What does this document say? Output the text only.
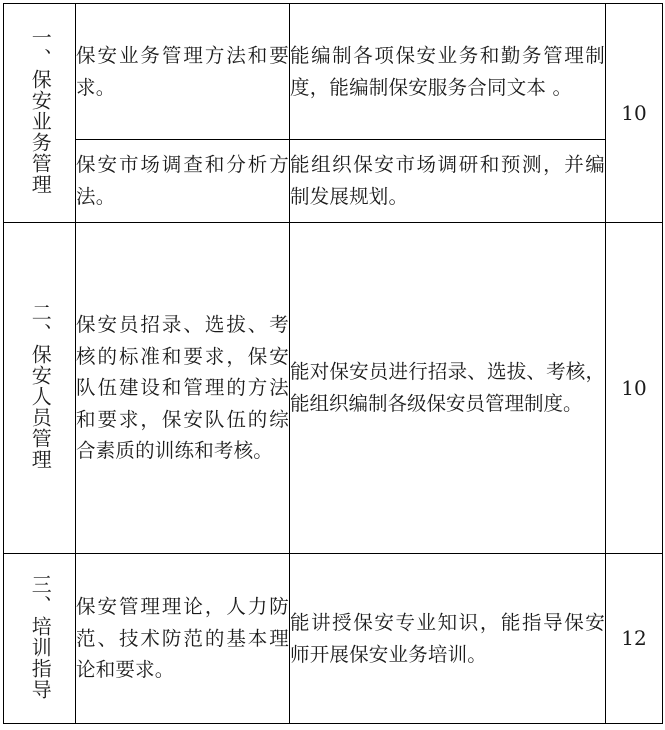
一、保安业务管理	保安业务管理方法和要求。	能编制各项保安业务和勤务管理制度，能编制保安服务合同文本 。	10

	保安市场调查和分析方法。	能组织保安市场调研和预测，并编制发展规划。	

二、保安人员管理	保安员招录、选拔、考核的标准和要求，保安队伍建设和管理的方法和要求，保安队伍的综合素质的训练和考核。	能对保安员进行招录、选拔、考核，能组织编制各级保安员管理制度。	10
三、培训指导	保安管理理论，人力防范、技术防范的基本理论和要求。	能讲授保安专业知识，能指导保安师开展保安业务培训。	12
